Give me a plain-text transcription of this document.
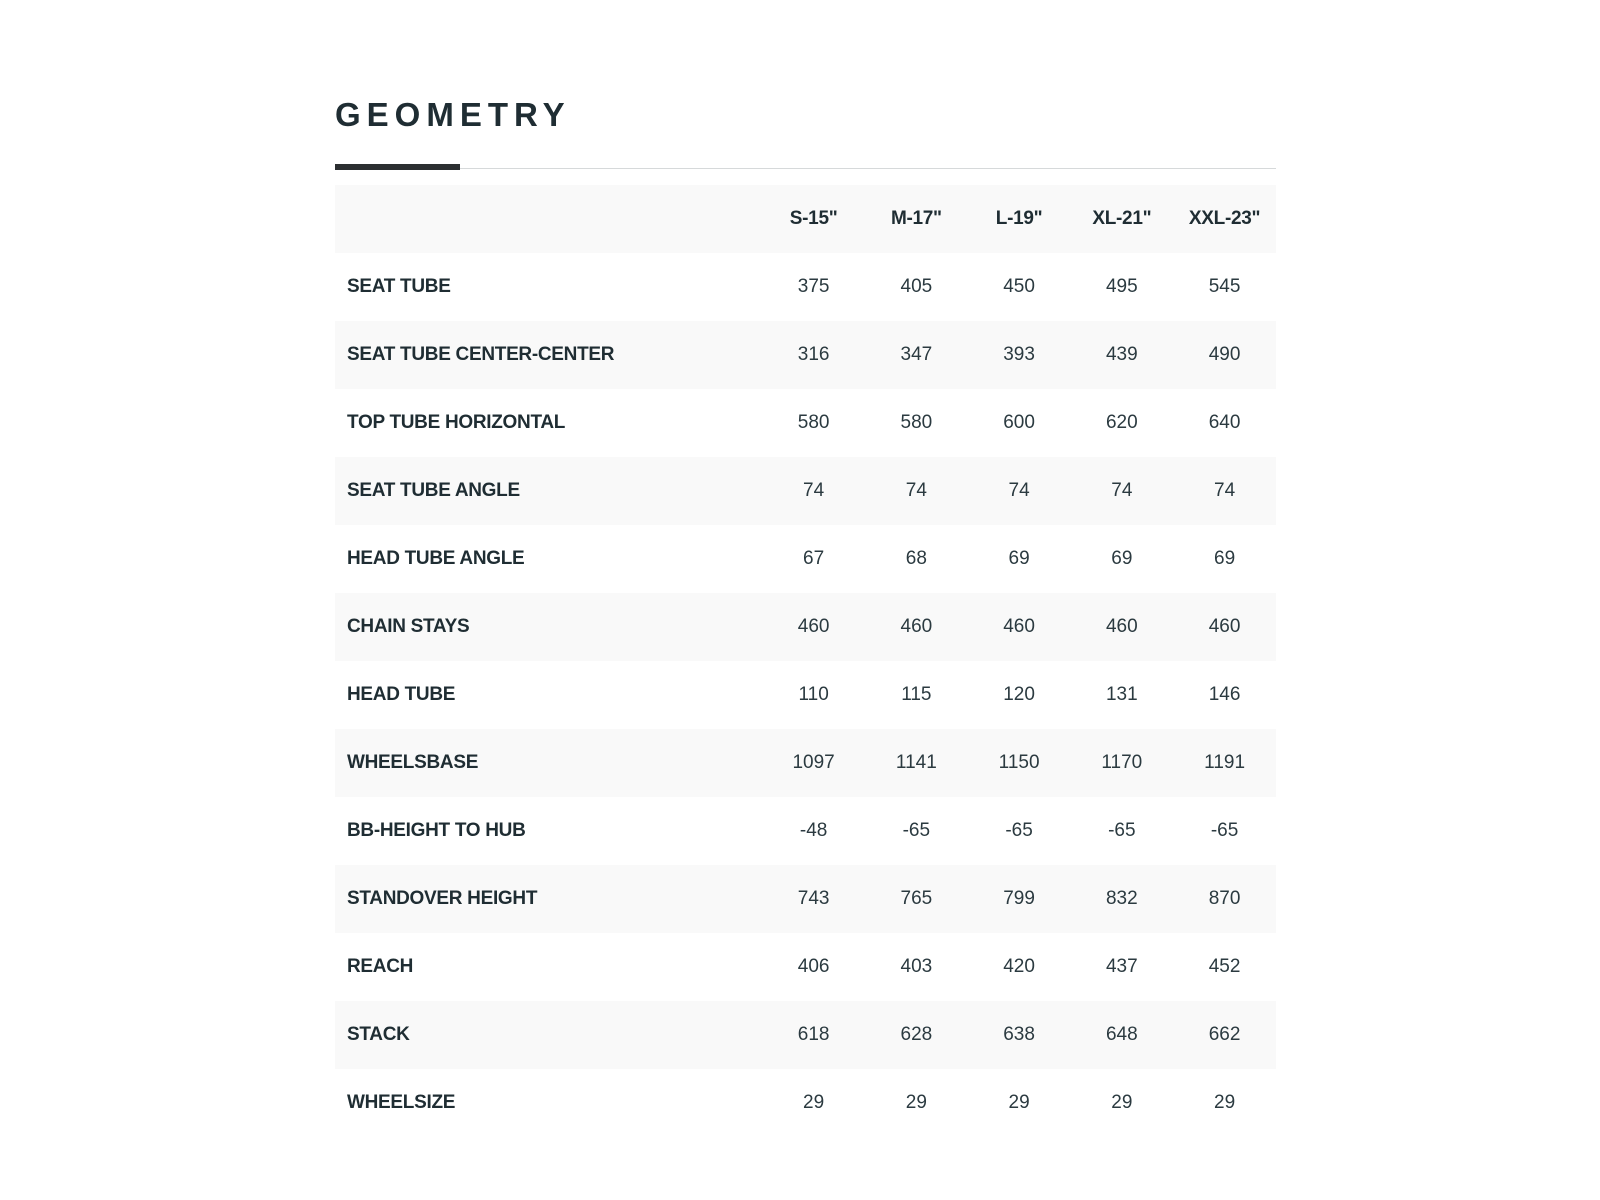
GEOMETRY
	S-15"	M-17"	L-19"	XL-21"	XXL-23"
SEAT TUBE	375	405	450	495	545
SEAT TUBE CENTER-CENTER	316	347	393	439	490
TOP TUBE HORIZONTAL	580	580	600	620	640
SEAT TUBE ANGLE	74	74	74	74	74
HEAD TUBE ANGLE	67	68	69	69	69
CHAIN STAYS	460	460	460	460	460
HEAD TUBE	110	115	120	131	146
WHEELSBASE	1097	1141	1150	1170	1191
BB-HEIGHT TO HUB	-48	-65	-65	-65	-65
STANDOVER HEIGHT	743	765	799	832	870
REACH	406	403	420	437	452
STACK	618	628	638	648	662
WHEELSIZE	29	29	29	29	29
